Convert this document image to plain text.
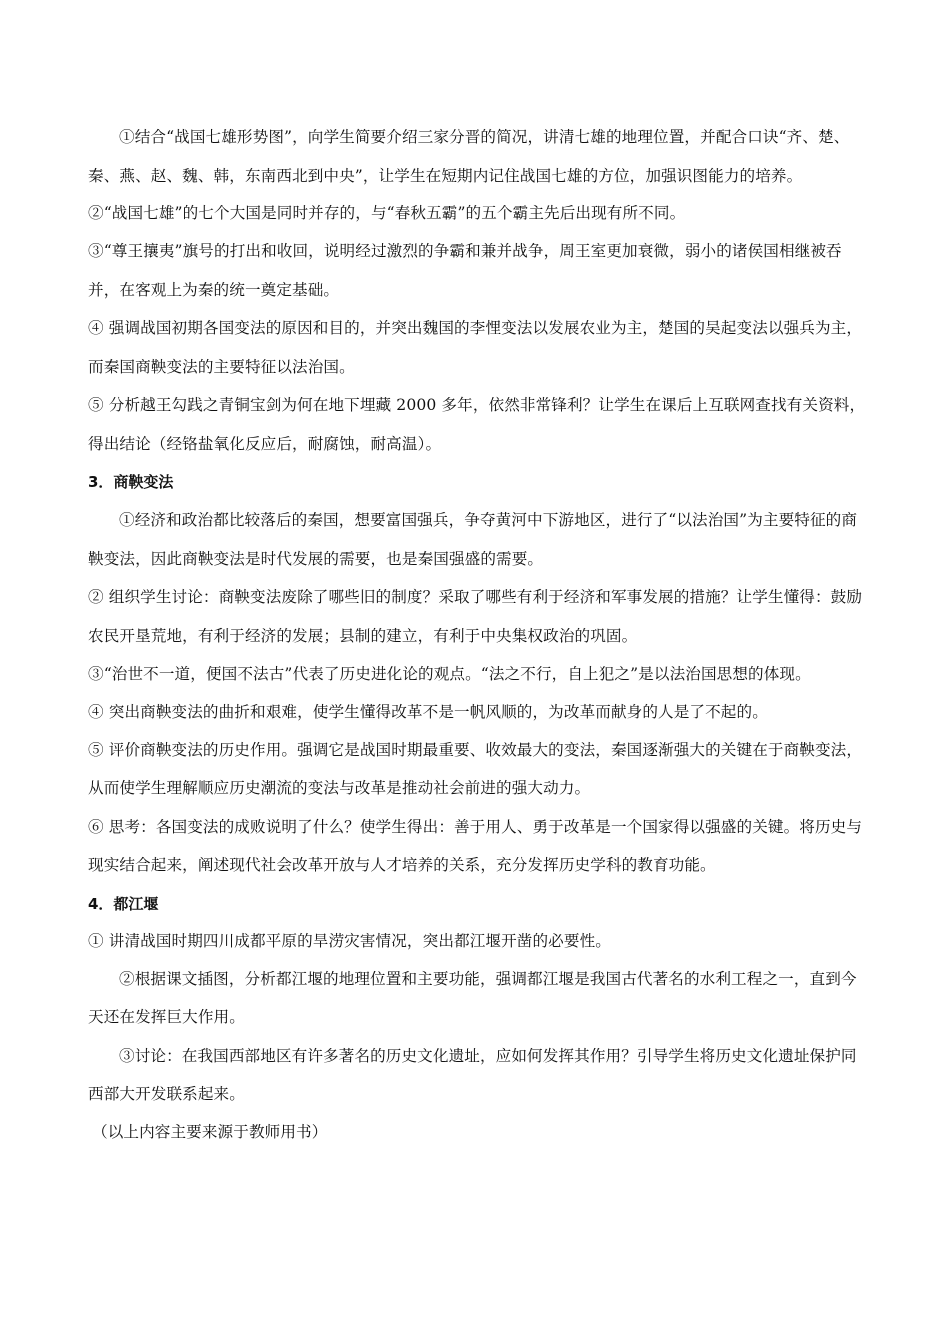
①结合“战国七雄形势图”，向学生简要介绍三家分晋的简况，讲清七雄的地理位置，并配合口诀“齐、楚、秦、燕、赵、魏、韩，东南西北到中央”，让学生在短期内记住战国七雄的方位，加强识图能力的培养。

②“战国七雄”的七个大国是同时并存的，与“春秋五霸”的五个霸主先后出现有所不同。

③“尊王攘夷”旗号的打出和收回，说明经过激烈的争霸和兼并战争，周王室更加衰微，弱小的诸侯国相继被吞并，在客观上为秦的统一奠定基础。

④ 强调战国初期各国变法的原因和目的，并突出魏国的李悝变法以发展农业为主，楚国的吴起变法以强兵为主，而秦国商鞅变法的主要特征以法治国。

⑤ 分析越王勾践之青铜宝剑为何在地下埋藏 2000 多年，依然非常锋利？让学生在课后上互联网查找有关资料，得出结论（经铬盐氧化反应后，耐腐蚀，耐高温）。

3．商鞅变法

①经济和政治都比较落后的秦国，想要富国强兵，争夺黄河中下游地区，进行了“以法治国”为主要特征的商鞅变法，因此商鞅变法是时代发展的需要，也是秦国强盛的需要。

② 组织学生讨论：商鞅变法废除了哪些旧的制度？采取了哪些有利于经济和军事发展的措施？让学生懂得：鼓励农民开垦荒地，有利于经济的发展；县制的建立，有利于中央集权政治的巩固。

③“治世不一道，便国不法古”代表了历史进化论的观点。“法之不行，自上犯之”是以法治国思想的体现。

④ 突出商鞅变法的曲折和艰难，使学生懂得改革不是一帆风顺的，为改革而献身的人是了不起的。

⑤ 评价商鞅变法的历史作用。强调它是战国时期最重要、收效最大的变法，秦国逐渐强大的关键在于商鞅变法，从而使学生理解顺应历史潮流的变法与改革是推动社会前进的强大动力。

⑥ 思考：各国变法的成败说明了什么？使学生得出：善于用人、勇于改革是一个国家得以强盛的关键。将历史与现实结合起来，阐述现代社会改革开放与人才培养的关系，充分发挥历史学科的教育功能。

4．都江堰

① 讲清战国时期四川成都平原的旱涝灾害情况，突出都江堰开凿的必要性。

②根据课文插图，分析都江堰的地理位置和主要功能，强调都江堰是我国古代著名的水利工程之一，直到今天还在发挥巨大作用。

③讨论：在我国西部地区有许多著名的历史文化遗址，应如何发挥其作用？引导学生将历史文化遗址保护同西部大开发联系起来。

（以上内容主要来源于教师用书）
